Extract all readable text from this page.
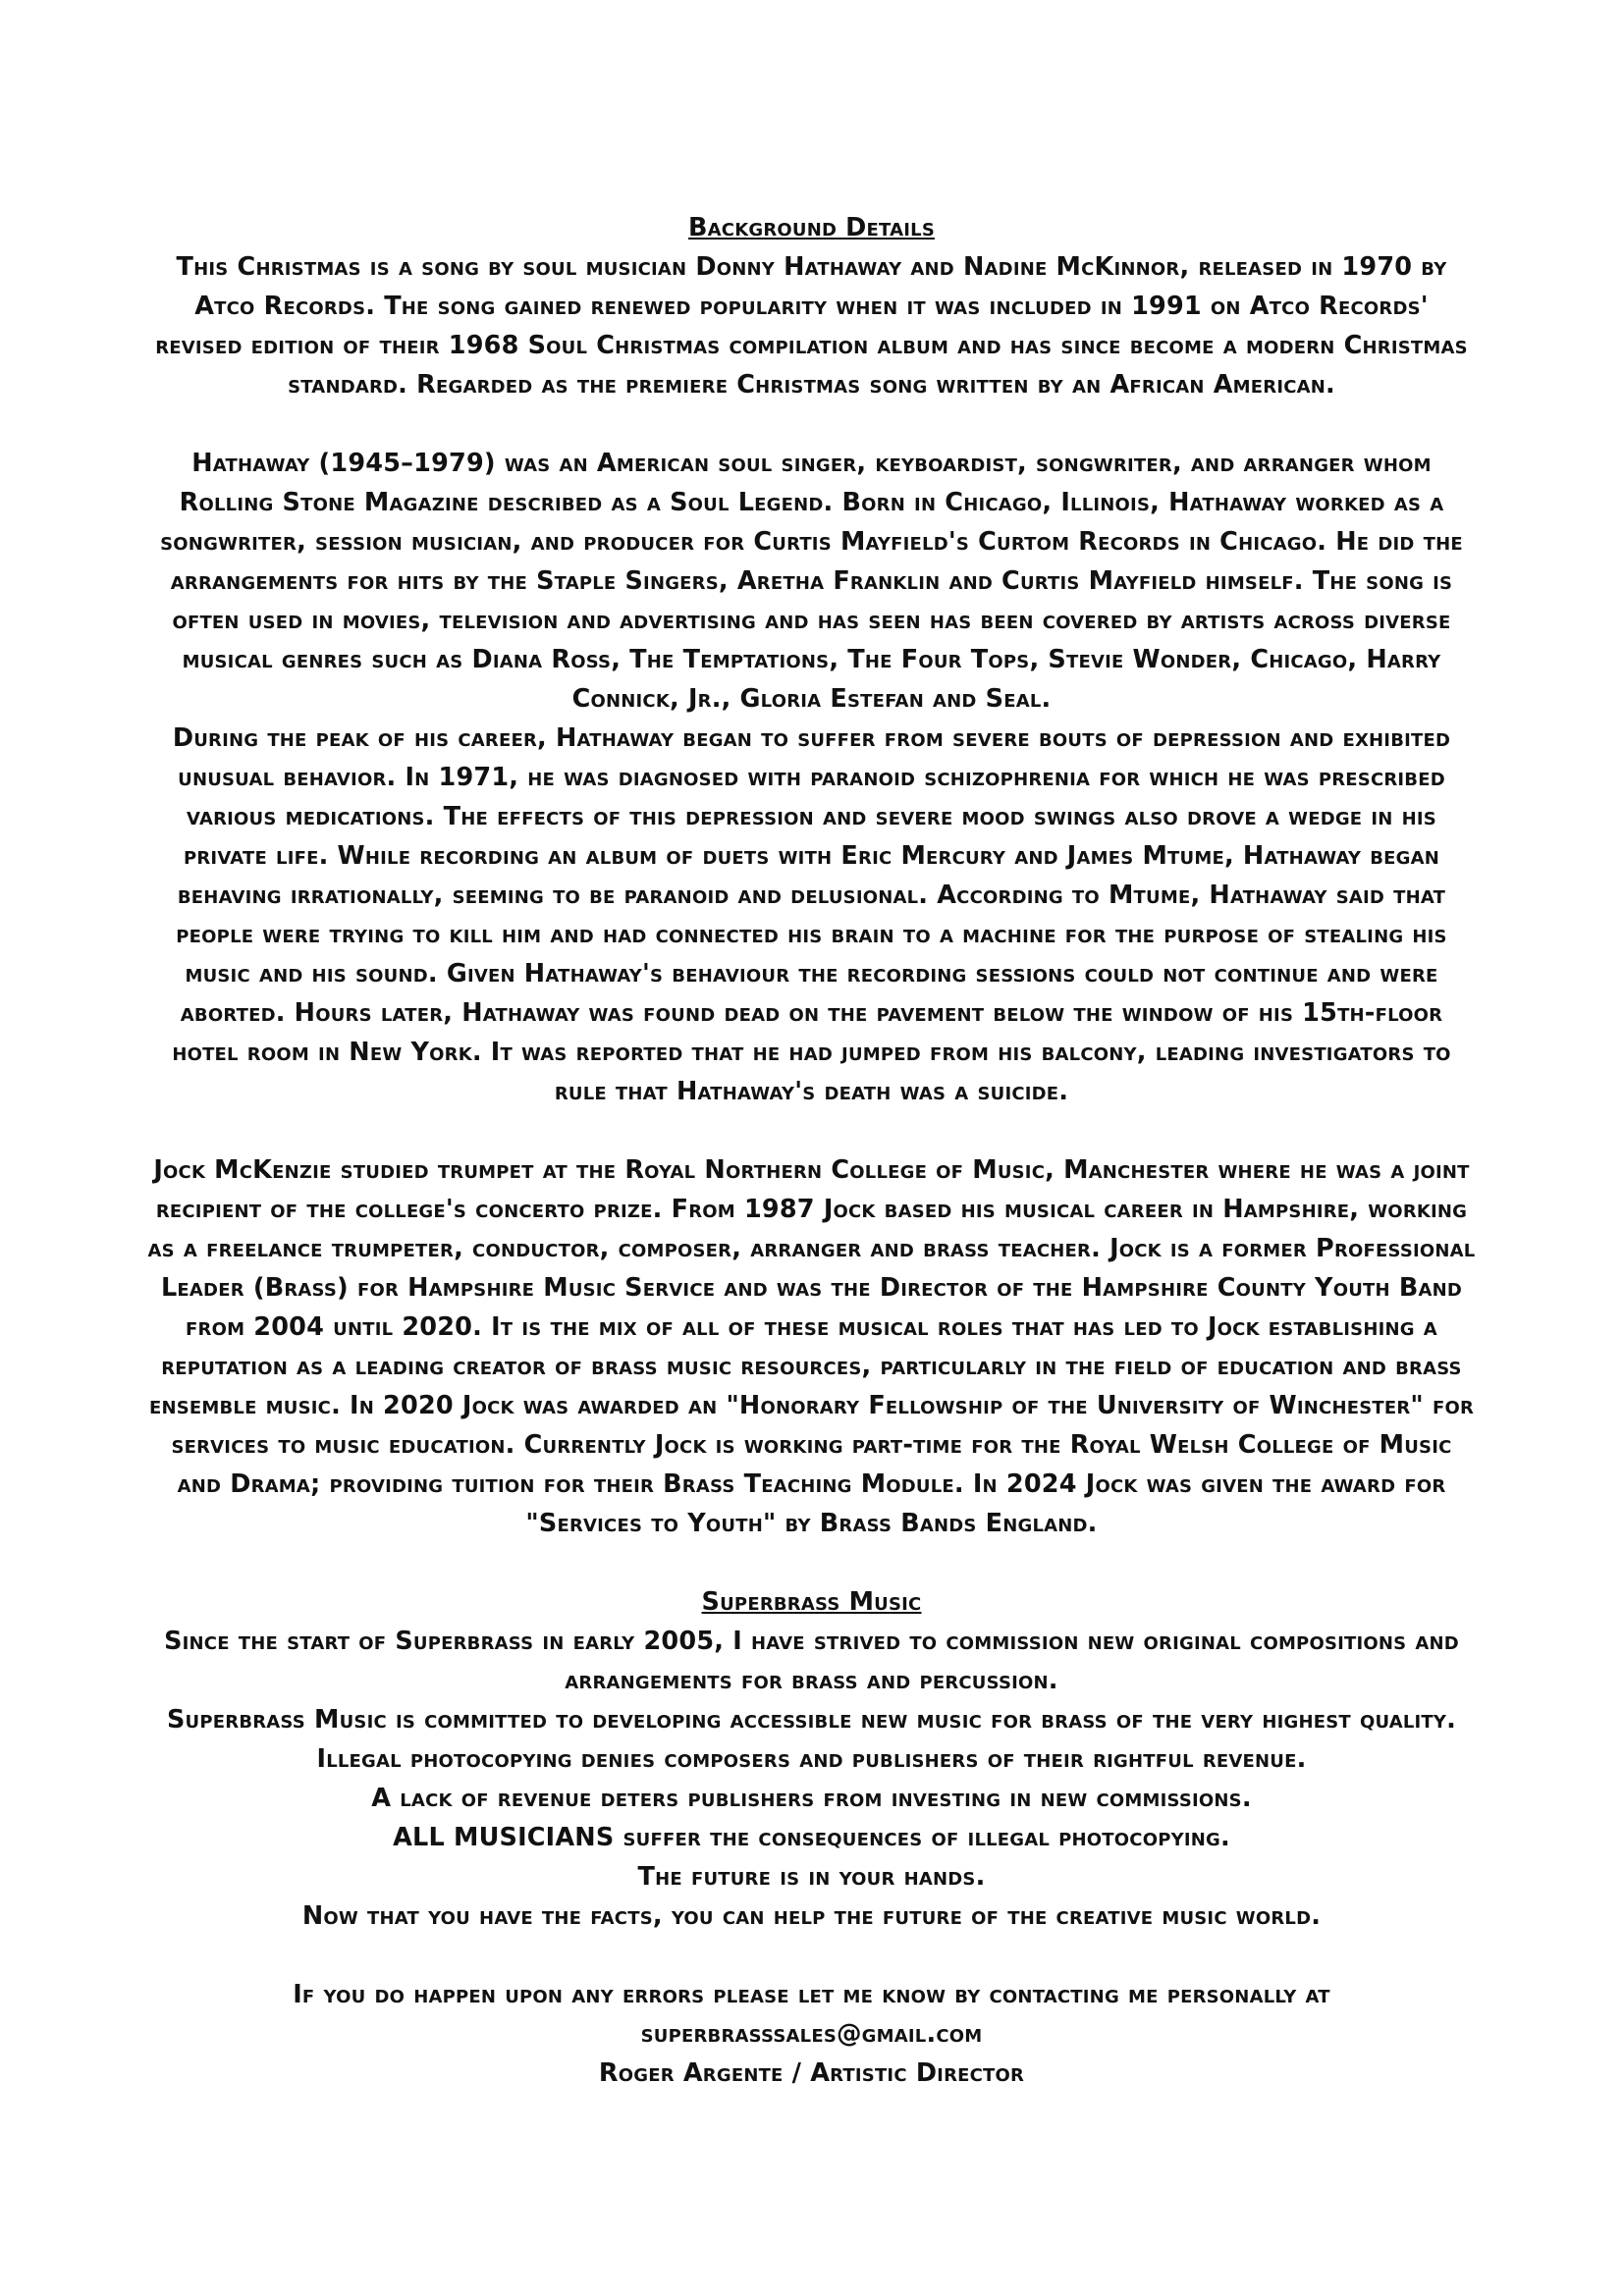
Background Details

This Christmas is a song by soul musician Donny Hathaway and Nadine McKinnor, released in 1970 by Atco Records. The song gained renewed popularity when it was included in 1991 on Atco Records' revised edition of their 1968 Soul Christmas compilation album and has since become a modern Christmas standard. Regarded as the premiere Christmas song written by an African American.

Hathaway (1945–1979) was an American soul singer, keyboardist, songwriter, and arranger whom Rolling Stone Magazine described as a Soul Legend. Born in Chicago, Illinois, Hathaway worked as a songwriter, session musician, and producer for Curtis Mayfield's Curtom Records in Chicago. He did the arrangements for hits by the Staple Singers, Aretha Franklin and Curtis Mayfield himself. The song is often used in movies, television and advertising and has seen has been covered by artists across diverse musical genres such as Diana Ross, The Temptations, The Four Tops, Stevie Wonder, Chicago, Harry Connick, Jr., Gloria Estefan and Seal.

During the peak of his career, Hathaway began to suffer from severe bouts of depression and exhibited unusual behavior. In 1971, he was diagnosed with paranoid schizophrenia for which he was prescribed various medications. The effects of this depression and severe mood swings also drove a wedge in his private life. While recording an album of duets with Eric Mercury and James Mtume, Hathaway began behaving irrationally, seeming to be paranoid and delusional. According to Mtume, Hathaway said that people were trying to kill him and had connected his brain to a machine for the purpose of stealing his music and his sound. Given Hathaway's behaviour the recording sessions could not continue and were aborted. Hours later, Hathaway was found dead on the pavement below the window of his 15th-floor hotel room in New York. It was reported that he had jumped from his balcony, leading investigators to rule that Hathaway's death was a suicide.

Jock McKenzie studied trumpet at the Royal Northern College of Music, Manchester where he was a joint recipient of the college's concerto prize. From 1987 Jock based his musical career in Hampshire, working as a freelance trumpeter, conductor, composer, arranger and brass teacher. Jock is a former Professional Leader (Brass) for Hampshire Music Service and was the Director of the Hampshire County Youth Band from 2004 until 2020. It is the mix of all of these musical roles that has led to Jock establishing a reputation as a leading creator of brass music resources, particularly in the field of education and brass ensemble music. In 2020 Jock was awarded an "Honorary Fellowship of the University of Winchester" for services to music education. Currently Jock is working part-time for the Royal Welsh College of Music and Drama; providing tuition for their Brass Teaching Module. In 2024 Jock was given the award for "Services to Youth" by Brass Bands England.

Superbrass Music

Since the start of Superbrass in early 2005, I have strived to commission new original compositions and arrangements for brass and percussion.

Superbrass Music is committed to developing accessible new music for brass of the very highest quality.

Illegal photocopying denies composers and publishers of their rightful revenue.

A lack of revenue deters publishers from investing in new commissions.

ALL MUSICIANS suffer the consequences of illegal photocopying.

The future is in your hands.

Now that you have the facts, you can help the future of the creative music world.

If you do happen upon any errors please let me know by contacting me personally at

superbrasssales@gmail.com

Roger Argente / Artistic Director
